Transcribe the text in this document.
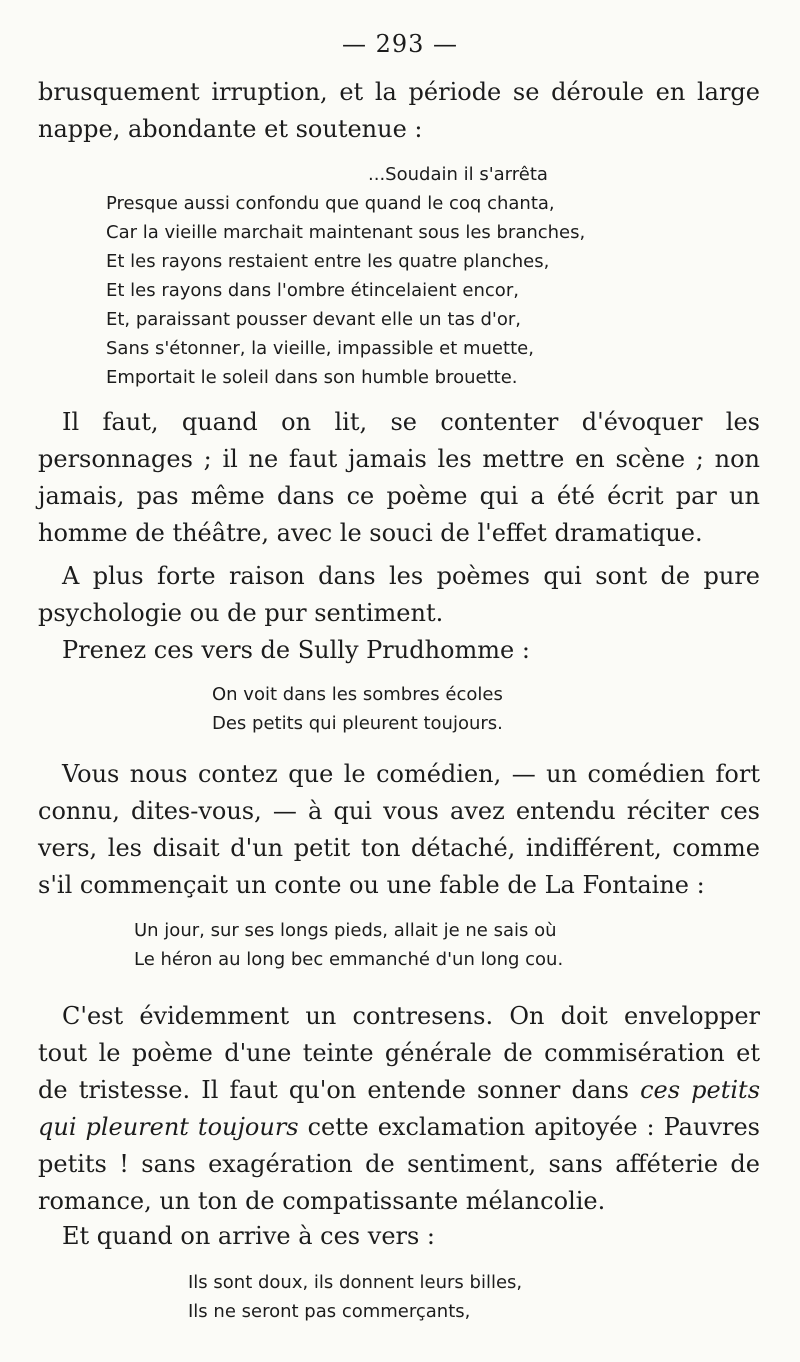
— 293 —

brusquement irruption, et la période se déroule en large nappe, abondante et soutenue :

...Soudain il s'arrêta
Presque aussi confondu que quand le coq chanta,
Car la vieille marchait maintenant sous les branches,
Et les rayons restaient entre les quatre planches,
Et les rayons dans l'ombre étincelaient encor,
Et, paraissant pousser devant elle un tas d'or,
Sans s'étonner, la vieille, impassible et muette,
Emportait le soleil dans son humble brouette.

Il faut, quand on lit, se contenter d'évoquer les personnages ; il ne faut jamais les mettre en scène ; non jamais, pas même dans ce poème qui a été écrit par un homme de théâtre, avec le souci de l'effet dramatique.

A plus forte raison dans les poèmes qui sont de pure psychologie ou de pur sentiment.

Prenez ces vers de Sully Prudhomme :

On voit dans les sombres écoles
Des petits qui pleurent toujours.

Vous nous contez que le comédien, — un comédien fort connu, dites-vous, — à qui vous avez entendu réciter ces vers, les disait d'un petit ton détaché, indifférent, comme s'il commençait un conte ou une fable de La Fontaine :

Un jour, sur ses longs pieds, allait je ne sais où
Le héron au long bec emmanché d'un long cou.

C'est évidemment un contresens. On doit envelopper tout le poème d'une teinte générale de commisération et de tristesse. Il faut qu'on entende sonner dans ces petits qui pleurent toujours cette exclamation apitoyée : Pauvres petits ! sans exagération de sentiment, sans afféterie de romance, un ton de compatissante mélancolie.

Et quand on arrive à ces vers :

Ils sont doux, ils donnent leurs billes,
Ils ne seront pas commerçants,
